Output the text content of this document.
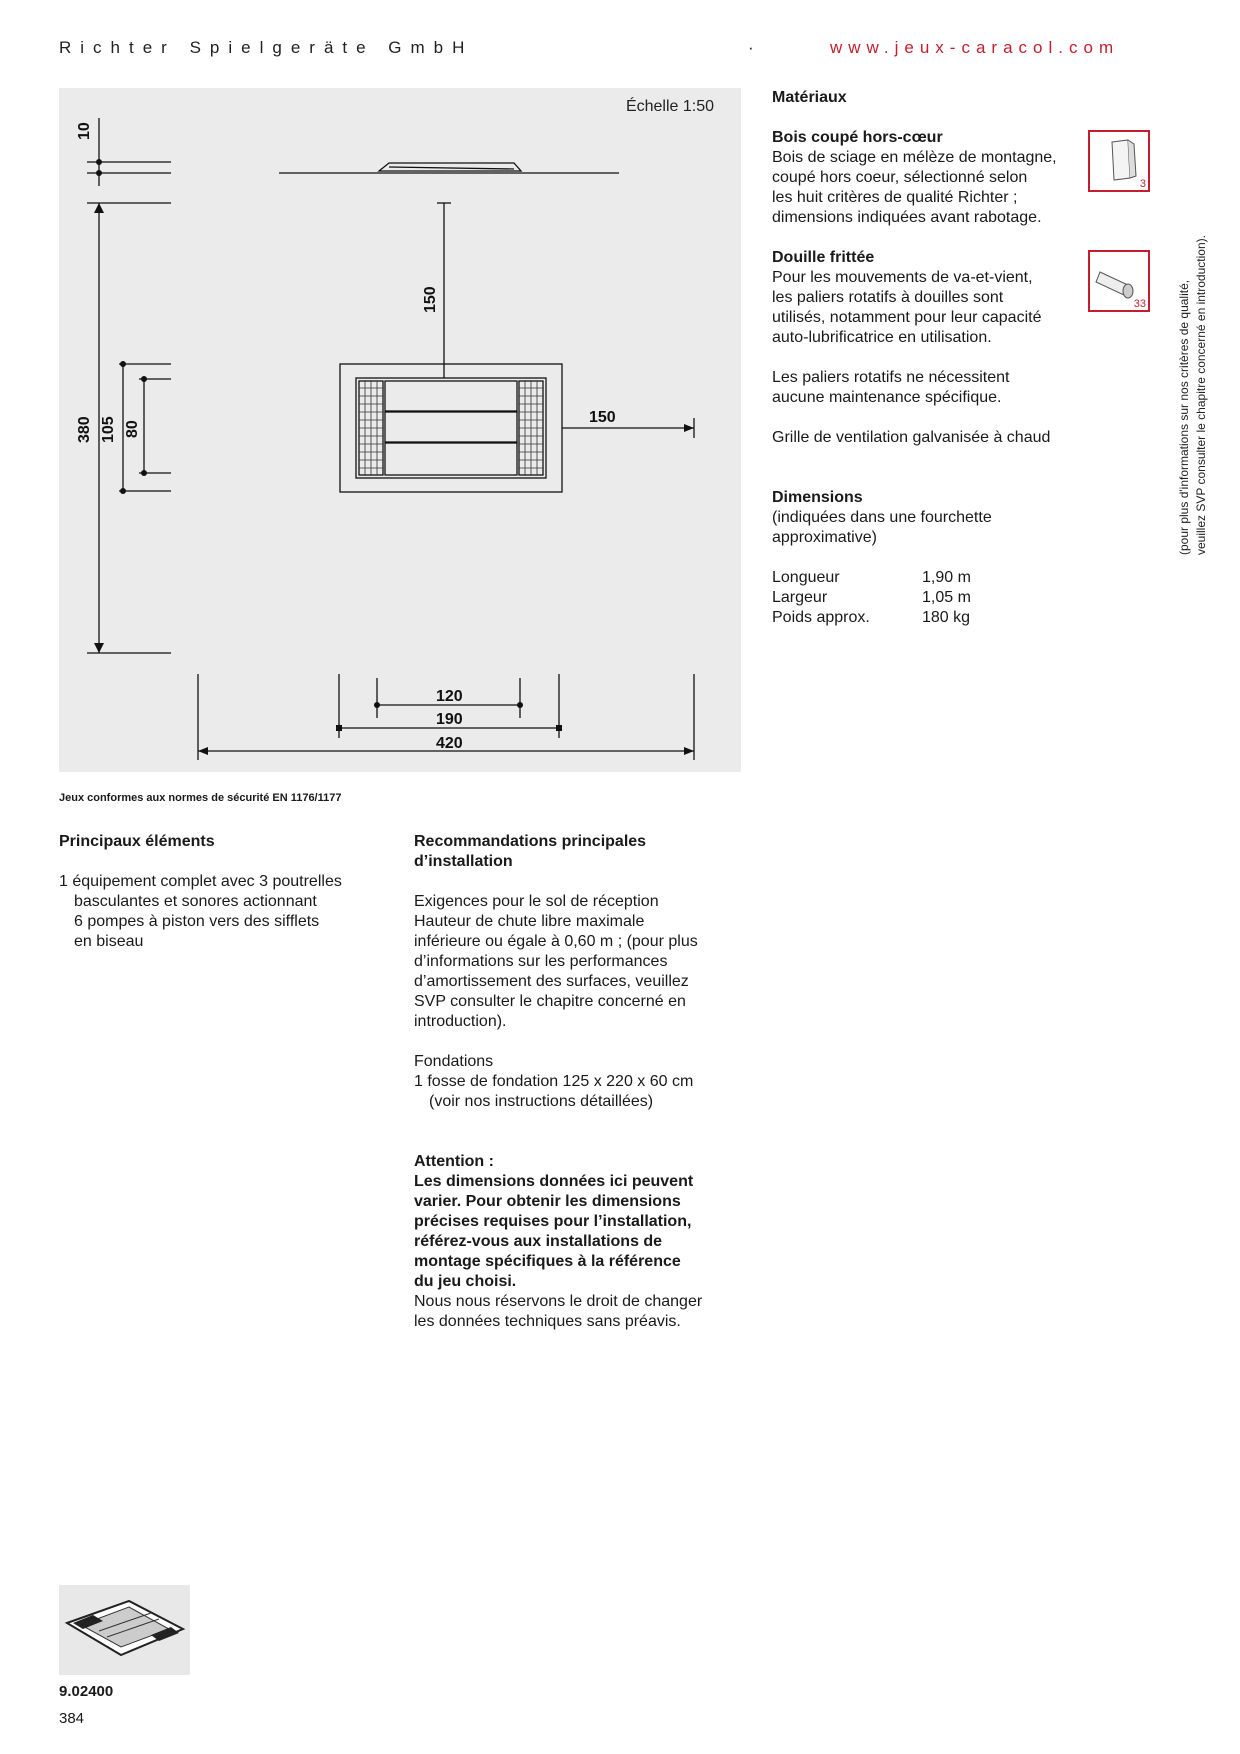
Richter Spielgeräte GmbH	·	www.jeux-caracol.com
Échelle 1:50
10
380 105 80
150
150
120
190
420
Jeux conformes aux normes de sécurité EN 1176/1177
Matériaux
Bois coupé hors-cœur
Bois de sciage en mélèze de montagne,
coupé hors coeur, sélectionné selon
les huit critères de qualité Richter ;
dimensions indiquées avant rabotage.
3
Douille frittée
Pour les mouvements de va-et-vient,
les paliers rotatifs à douilles sont
utilisés, notamment pour leur capacité
auto-lubrificatrice en utilisation.
33
Les paliers rotatifs ne nécessitent
aucune maintenance spécifique.
Grille de ventilation galvanisée à chaud
Dimensions
(indiquées dans une fourchette
approximative)
Longueur	1,90 m
Largeur	1,05 m
Poids approx.	180 kg
(pour plus d'informations sur nos critères de qualité, veuillez SVP consulter le chapitre concerné en introduction).
Principaux éléments
1 équipement complet avec 3 poutrelles
basculantes et sonores actionnant
6 pompes à piston vers des sifflets
en biseau
Recommandations principales
d’installation
Exigences pour le sol de réception
Hauteur de chute libre maximale
inférieure ou égale à 0,60 m ; (pour plus
d’informations sur les performances
d’amortissement des surfaces, veuillez
SVP consulter le chapitre concerné en
introduction).
Fondations
1 fosse de fondation 125 x 220 x 60 cm
(voir nos instructions détaillées)
Attention :
Les dimensions données ici peuvent
varier. Pour obtenir les dimensions
précises requises pour l’installation,
référez-vous aux installations de
montage spécifiques à la référence
du jeu choisi.
Nous nous réservons le droit de changer
les données techniques sans préavis.
9.02400
384
